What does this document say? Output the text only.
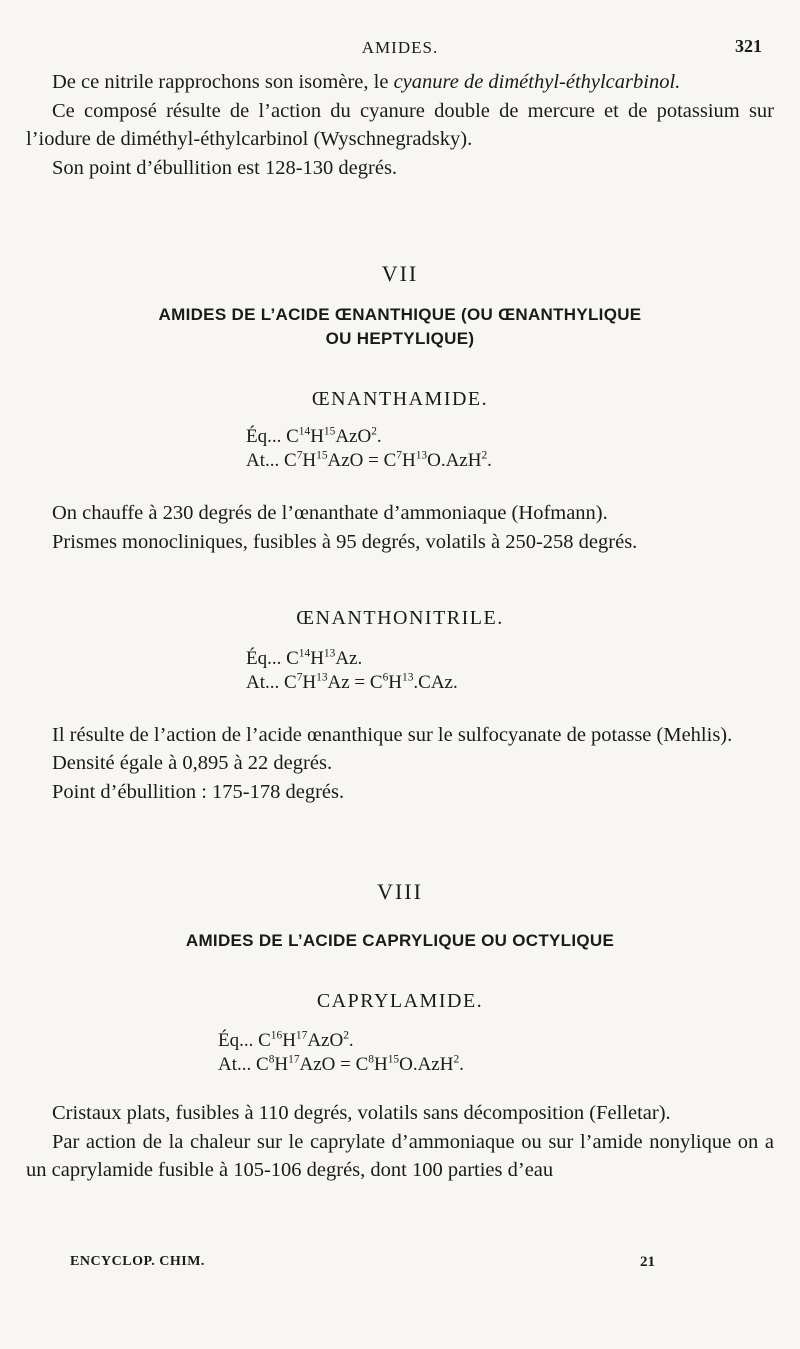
AMIDES.	321

De ce nitrile rapprochons son isomère, le cyanure de diméthyl-éthylcarbinol.

Ce composé résulte de l’action du cyanure double de mercure et de potassium sur l’iodure de diméthyl-éthylcarbinol (Wyschnegradsky).

Son point d’ébullition est 128-130 degrés.

VII
AMIDES DE L’ACIDE ŒNANTHIQUE (OU ŒNANTHYLIQUE
OU HEPTYLIQUE)
ŒNANTHAMIDE.
Éq... $C^{14}H^{15}AzO^2$.
At... $C^7H^{15}AzO = C^7H^{13}O.AzH^2$.

On chauffe à 230 degrés de l’œnanthate d’ammoniaque (Hofmann).

Prismes monocliniques, fusibles à 95 degrés, volatils à 250-258 degrés.

ŒNANTHONITRILE.
Éq... $C^{14}H^{13}Az$.
At... $C^7H^{13}Az = C^6H^{13}.CAz$.

Il résulte de l’action de l’acide œnanthique sur le sulfocyanate de potasse (Mehlis).

Densité égale à 0,895 à 22 degrés.

Point d’ébullition : 175-178 degrés.

VIII
AMIDES DE L’ACIDE CAPRYLIQUE OU OCTYLIQUE
CAPRYLAMIDE.
Éq... $C^{16}H^{17}AzO^2$.
At... $C^8H^{17}AzO = C^8H^{15}O.AzH^2$.

Cristaux plats, fusibles à 110 degrés, volatils sans décomposition (Felletar).

Par action de la chaleur sur le caprylate d’ammoniaque ou sur l’amide nonylique on a un caprylamide fusible à 105-106 degrés, dont 100 parties d’eau

ENCYCLOP. CHIM.	21
